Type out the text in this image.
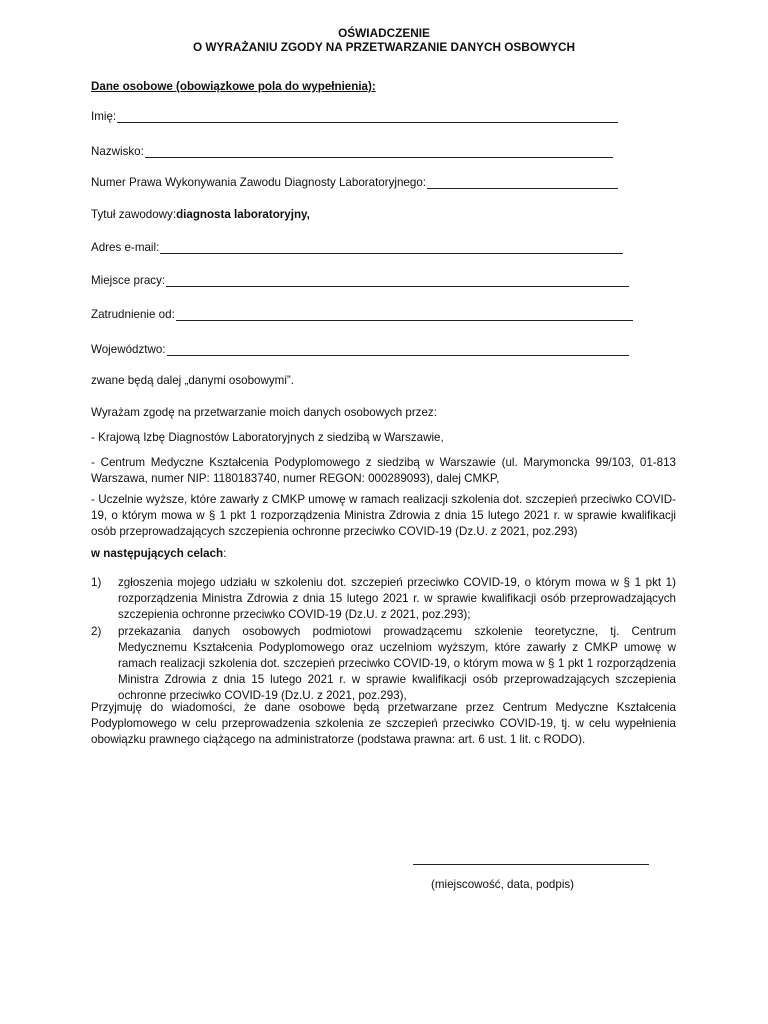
OŚWIADCZENIE
O WYRAŻANIU ZGODY NA PRZETWARZANIE DANYCH OSBOWYCH
Dane osobowe (obowiązkowe pola do wypełnienia):
Imię:
Nazwisko:
Numer Prawa Wykonywania Zawodu Diagnosty Laboratoryjnego:
Tytuł zawodowy: diagnosta laboratoryjny,
Adres e-mail:
Miejsce pracy:
Zatrudnienie od:
Województwo:
zwane będą dalej „danymi osobowymi”.
Wyrażam zgodę na przetwarzanie moich danych osobowych przez:
- Krajową Izbę Diagnostów Laboratoryjnych z siedzibą w Warszawie,
- Centrum Medyczne Kształcenia Podyplomowego z siedzibą w Warszawie (ul. Marymoncka 99/103, 01-813 Warszawa, numer NIP: 1180183740, numer REGON: 000289093), dalej CMKP,
- Uczelnie wyższe, które zawarły z CMKP umowę w ramach realizacji szkolenia dot. szczepień przeciwko COVID-19, o którym mowa w § 1 pkt 1 rozporządzenia Ministra Zdrowia z dnia 15 lutego 2021 r. w sprawie kwalifikacji osób przeprowadzających szczepienia ochronne przeciwko COVID-19 (Dz.U. z 2021, poz.293)
w następujących celach:
1)	zgłoszenia mojego udziału w szkoleniu dot. szczepień przeciwko COVID-19, o którym mowa w § 1 pkt 1) rozporządzenia Ministra Zdrowia z dnia 15 lutego 2021 r. w sprawie kwalifikacji osób przeprowadzających szczepienia ochronne przeciwko COVID-19 (Dz.U. z 2021, poz.293);
2)	przekazania danych osobowych podmiotowi prowadzącemu szkolenie teoretyczne, tj. Centrum Medycznemu Kształcenia Podyplomowego oraz uczelniom wyższym, które zawarły z CMKP umowę w ramach realizacji szkolenia dot. szczepień przeciwko COVID-19, o którym mowa w § 1 pkt 1 rozporządzenia Ministra Zdrowia z dnia 15 lutego 2021 r. w sprawie kwalifikacji osób przeprowadzających szczepienia ochronne przeciwko COVID-19 (Dz.U. z 2021, poz.293),
Przyjmuję do wiadomości, że dane osobowe będą przetwarzane przez Centrum Medyczne Kształcenia Podyplomowego w celu przeprowadzenia szkolenia ze szczepień przeciwko COVID-19, tj. w celu wypełnienia obowiązku prawnego ciążącego na administratorze (podstawa prawna: art. 6 ust. 1 lit. c RODO).
(miejscowość, data, podpis)
